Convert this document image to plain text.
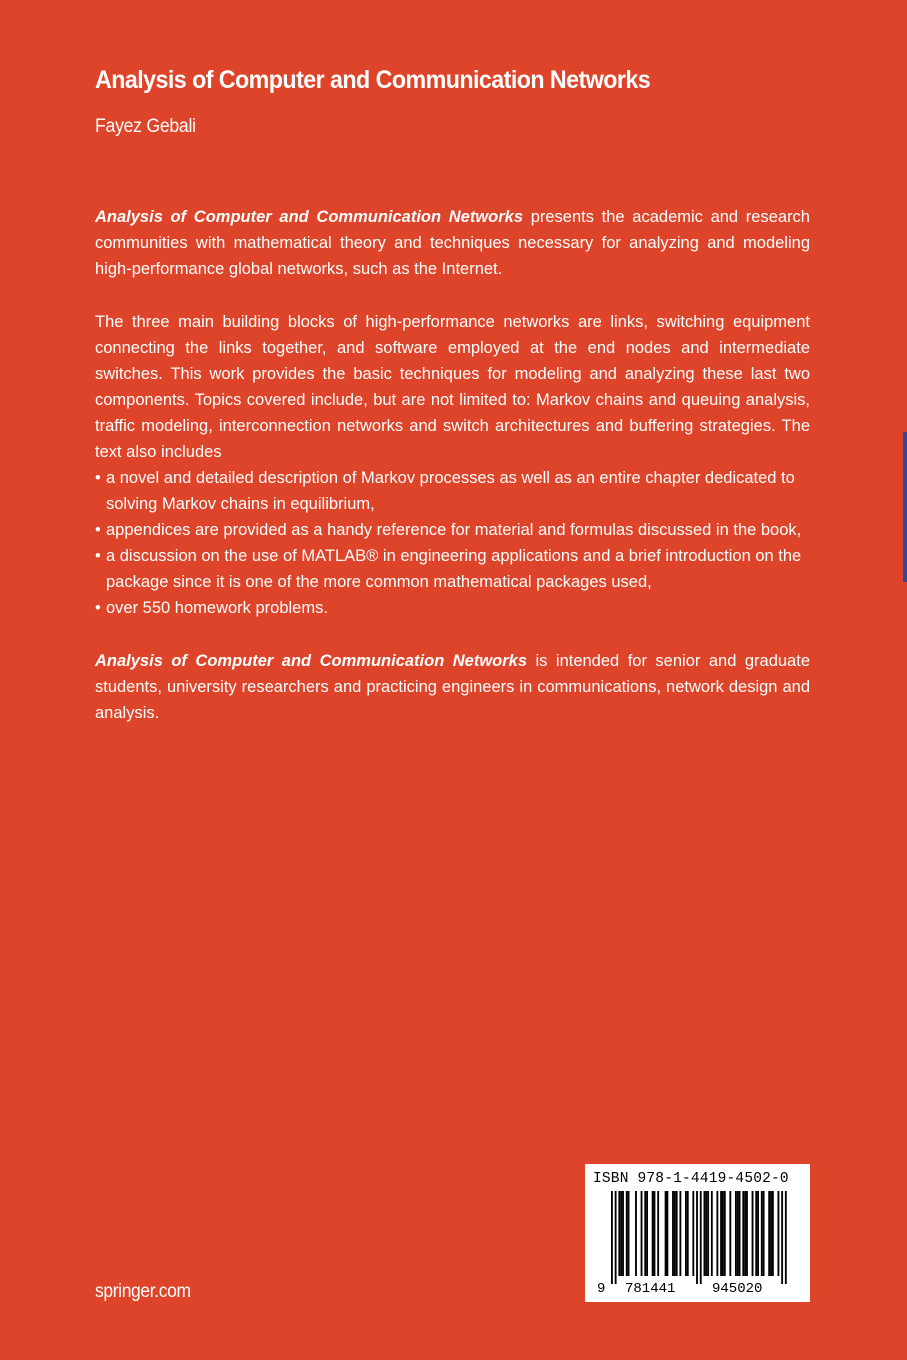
Analysis of Computer and Communication Networks
Fayez Gebali
Analysis of Computer and Communication Networks presents the academic and research communities with mathematical theory and techniques necessary for analyzing and modeling high-performance global networks, such as the Internet.
The three main building blocks of high-performance networks are links, switching equipment connecting the links together, and software employed at the end nodes and intermediate switches. This work provides the basic techniques for modeling and analyzing these last two components. Topics covered include, but are not limited to: Markov chains and queuing analysis, traffic modeling, interconnection networks and switch architectures and buffering strategies. The text also includes
• a novel and detailed description of Markov processes as well as an entire chapter dedicated to solving Markov chains in equilibrium,
• appendices are provided as a handy reference for material and formulas discussed in the book,
• a discussion on the use of MATLAB® in engineering applications and a brief introduction on the package since it is one of the more common mathematical packages used,
• over 550 homework problems.
Analysis of Computer and Communication Networks is intended for senior and graduate students, university researchers and practicing engineers in communications, network design and analysis.
springer.com
ISBN 978-1-4419-4502-0
9 781441	945020
